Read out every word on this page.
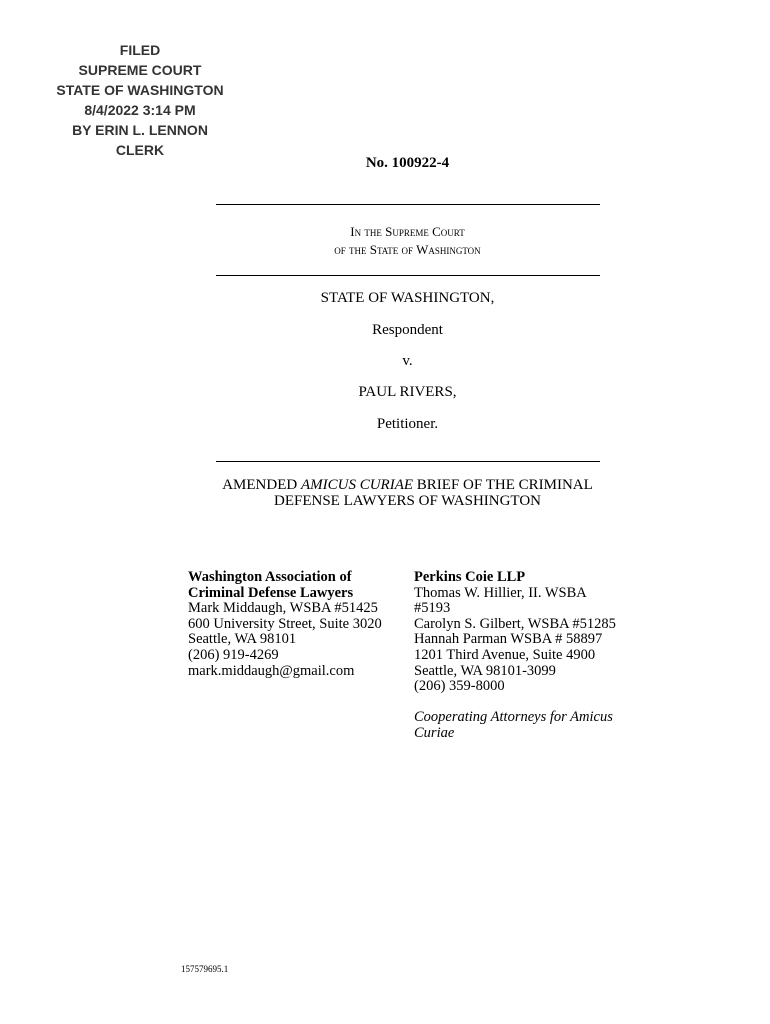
FILED
SUPREME COURT
STATE OF WASHINGTON
8/4/2022 3:14 PM
BY ERIN L. LENNON
CLERK
No. 100922-4
In the Supreme Court
of the State of Washington
STATE OF WASHINGTON,
Respondent
v.
PAUL RIVERS,
Petitioner.
AMENDED AMICUS CURIAE BRIEF OF THE CRIMINAL
DEFENSE LAWYERS OF WASHINGTON
Washington Association of
Criminal Defense Lawyers
Mark Middaugh, WSBA #51425
600 University Street, Suite 3020
Seattle, WA 98101
(206) 919-4269
mark.middaugh@gmail.com
Perkins Coie LLP
Thomas W. Hillier, II. WSBA
#5193
Carolyn S. Gilbert, WSBA #51285
Hannah Parman WSBA # 58897
1201 Third Avenue, Suite 4900
Seattle, WA 98101-3099
(206) 359-8000
Cooperating Attorneys for Amicus
Curiae
157579695.1
